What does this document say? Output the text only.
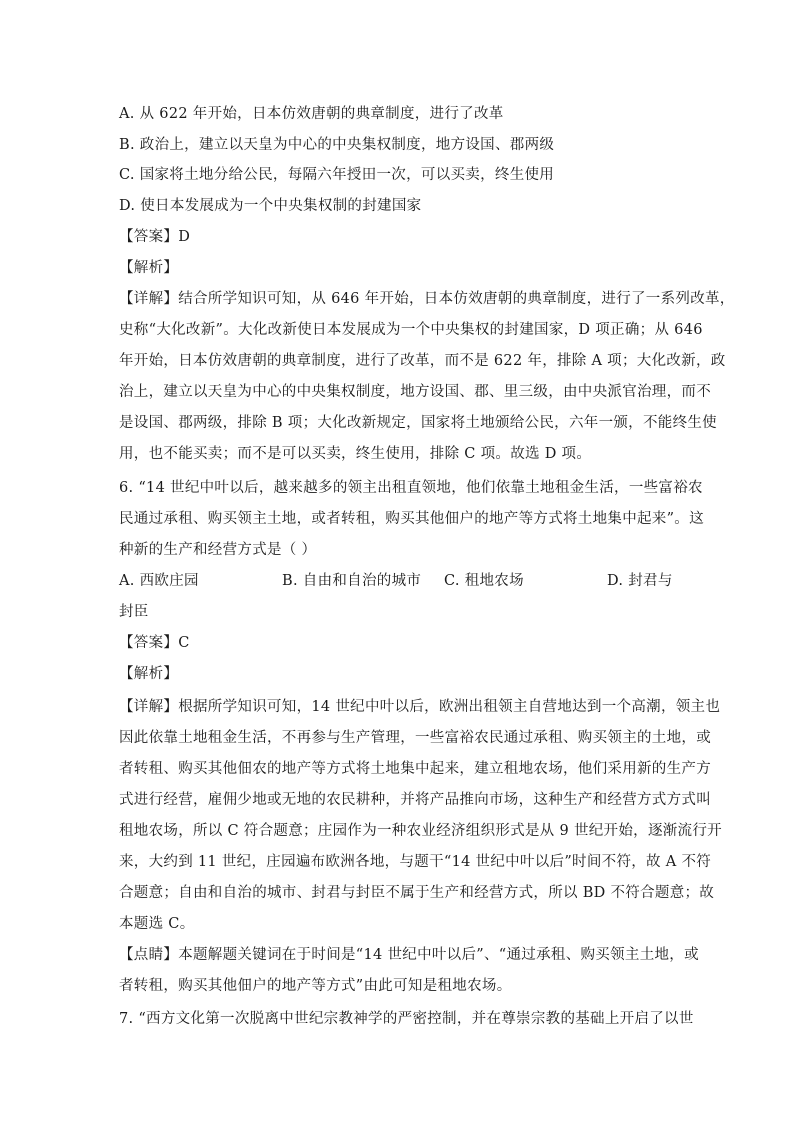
A. 从 622 年开始，日本仿效唐朝的典章制度，进行了改革
B. 政治上，建立以天皇为中心的中央集权制度，地方设国、郡两级
C. 国家将土地分给公民，每隔六年授田一次，可以买卖，终生使用
D. 使日本发展成为一个中央集权制的封建国家
【答案】D
【解析】
【详解】结合所学知识可知，从 646 年开始，日本仿效唐朝的典章制度，进行了一系列改革，
史称“大化改新”。大化改新使日本发展成为一个中央集权的封建国家，D 项正确；从 646
年开始，日本仿效唐朝的典章制度，进行了改革，而不是 622 年，排除 A 项；大化改新，政
治上，建立以天皇为中心的中央集权制度，地方设国、郡、里三级，由中央派官治理，而不
是设国、郡两级，排除 B 项；大化改新规定，国家将土地颁给公民，六年一颁，不能终生使
用，也不能买卖；而不是可以买卖，终生使用，排除 C 项。故选 D 项。
6. “14 世纪中叶以后，越来越多的领主出租直领地，他们依靠土地租金生活，一些富裕农
民通过承租、购买领主土地，或者转租，购买其他佃户的地产等方式将土地集中起来”。这
种新的生产和经营方式是（ ）
A. 西欧庄园	B. 自由和自治的城市 C. 租地农场	D. 封君与
封臣
【答案】C
【解析】
【详解】根据所学知识可知，14 世纪中叶以后，欧洲出租领主自营地达到一个高潮，领主也
因此依靠土地租金生活，不再参与生产管理，一些富裕农民通过承租、购买领主的土地，或
者转租、购买其他佃农的地产等方式将土地集中起来，建立租地农场，他们采用新的生产方
式进行经营，雇佣少地或无地的农民耕种，并将产品推向市场，这种生产和经营方式方式叫
租地农场，所以 C 符合题意；庄园作为一种农业经济组织形式是从 9 世纪开始，逐渐流行开
来，大约到 11 世纪，庄园遍布欧洲各地，与题干“14 世纪中叶以后”时间不符，故 A 不符
合题意；自由和自治的城市、封君与封臣不属于生产和经营方式，所以 BD 不符合题意；故
本题选 C。
【点睛】本题解题关键词在于时间是“14 世纪中叶以后”、“通过承租、购买领主土地，或
者转租，购买其他佃户的地产等方式”由此可知是租地农场。
7. “西方文化第一次脱离中世纪宗教神学的严密控制，并在尊崇宗教的基础上开启了以世
